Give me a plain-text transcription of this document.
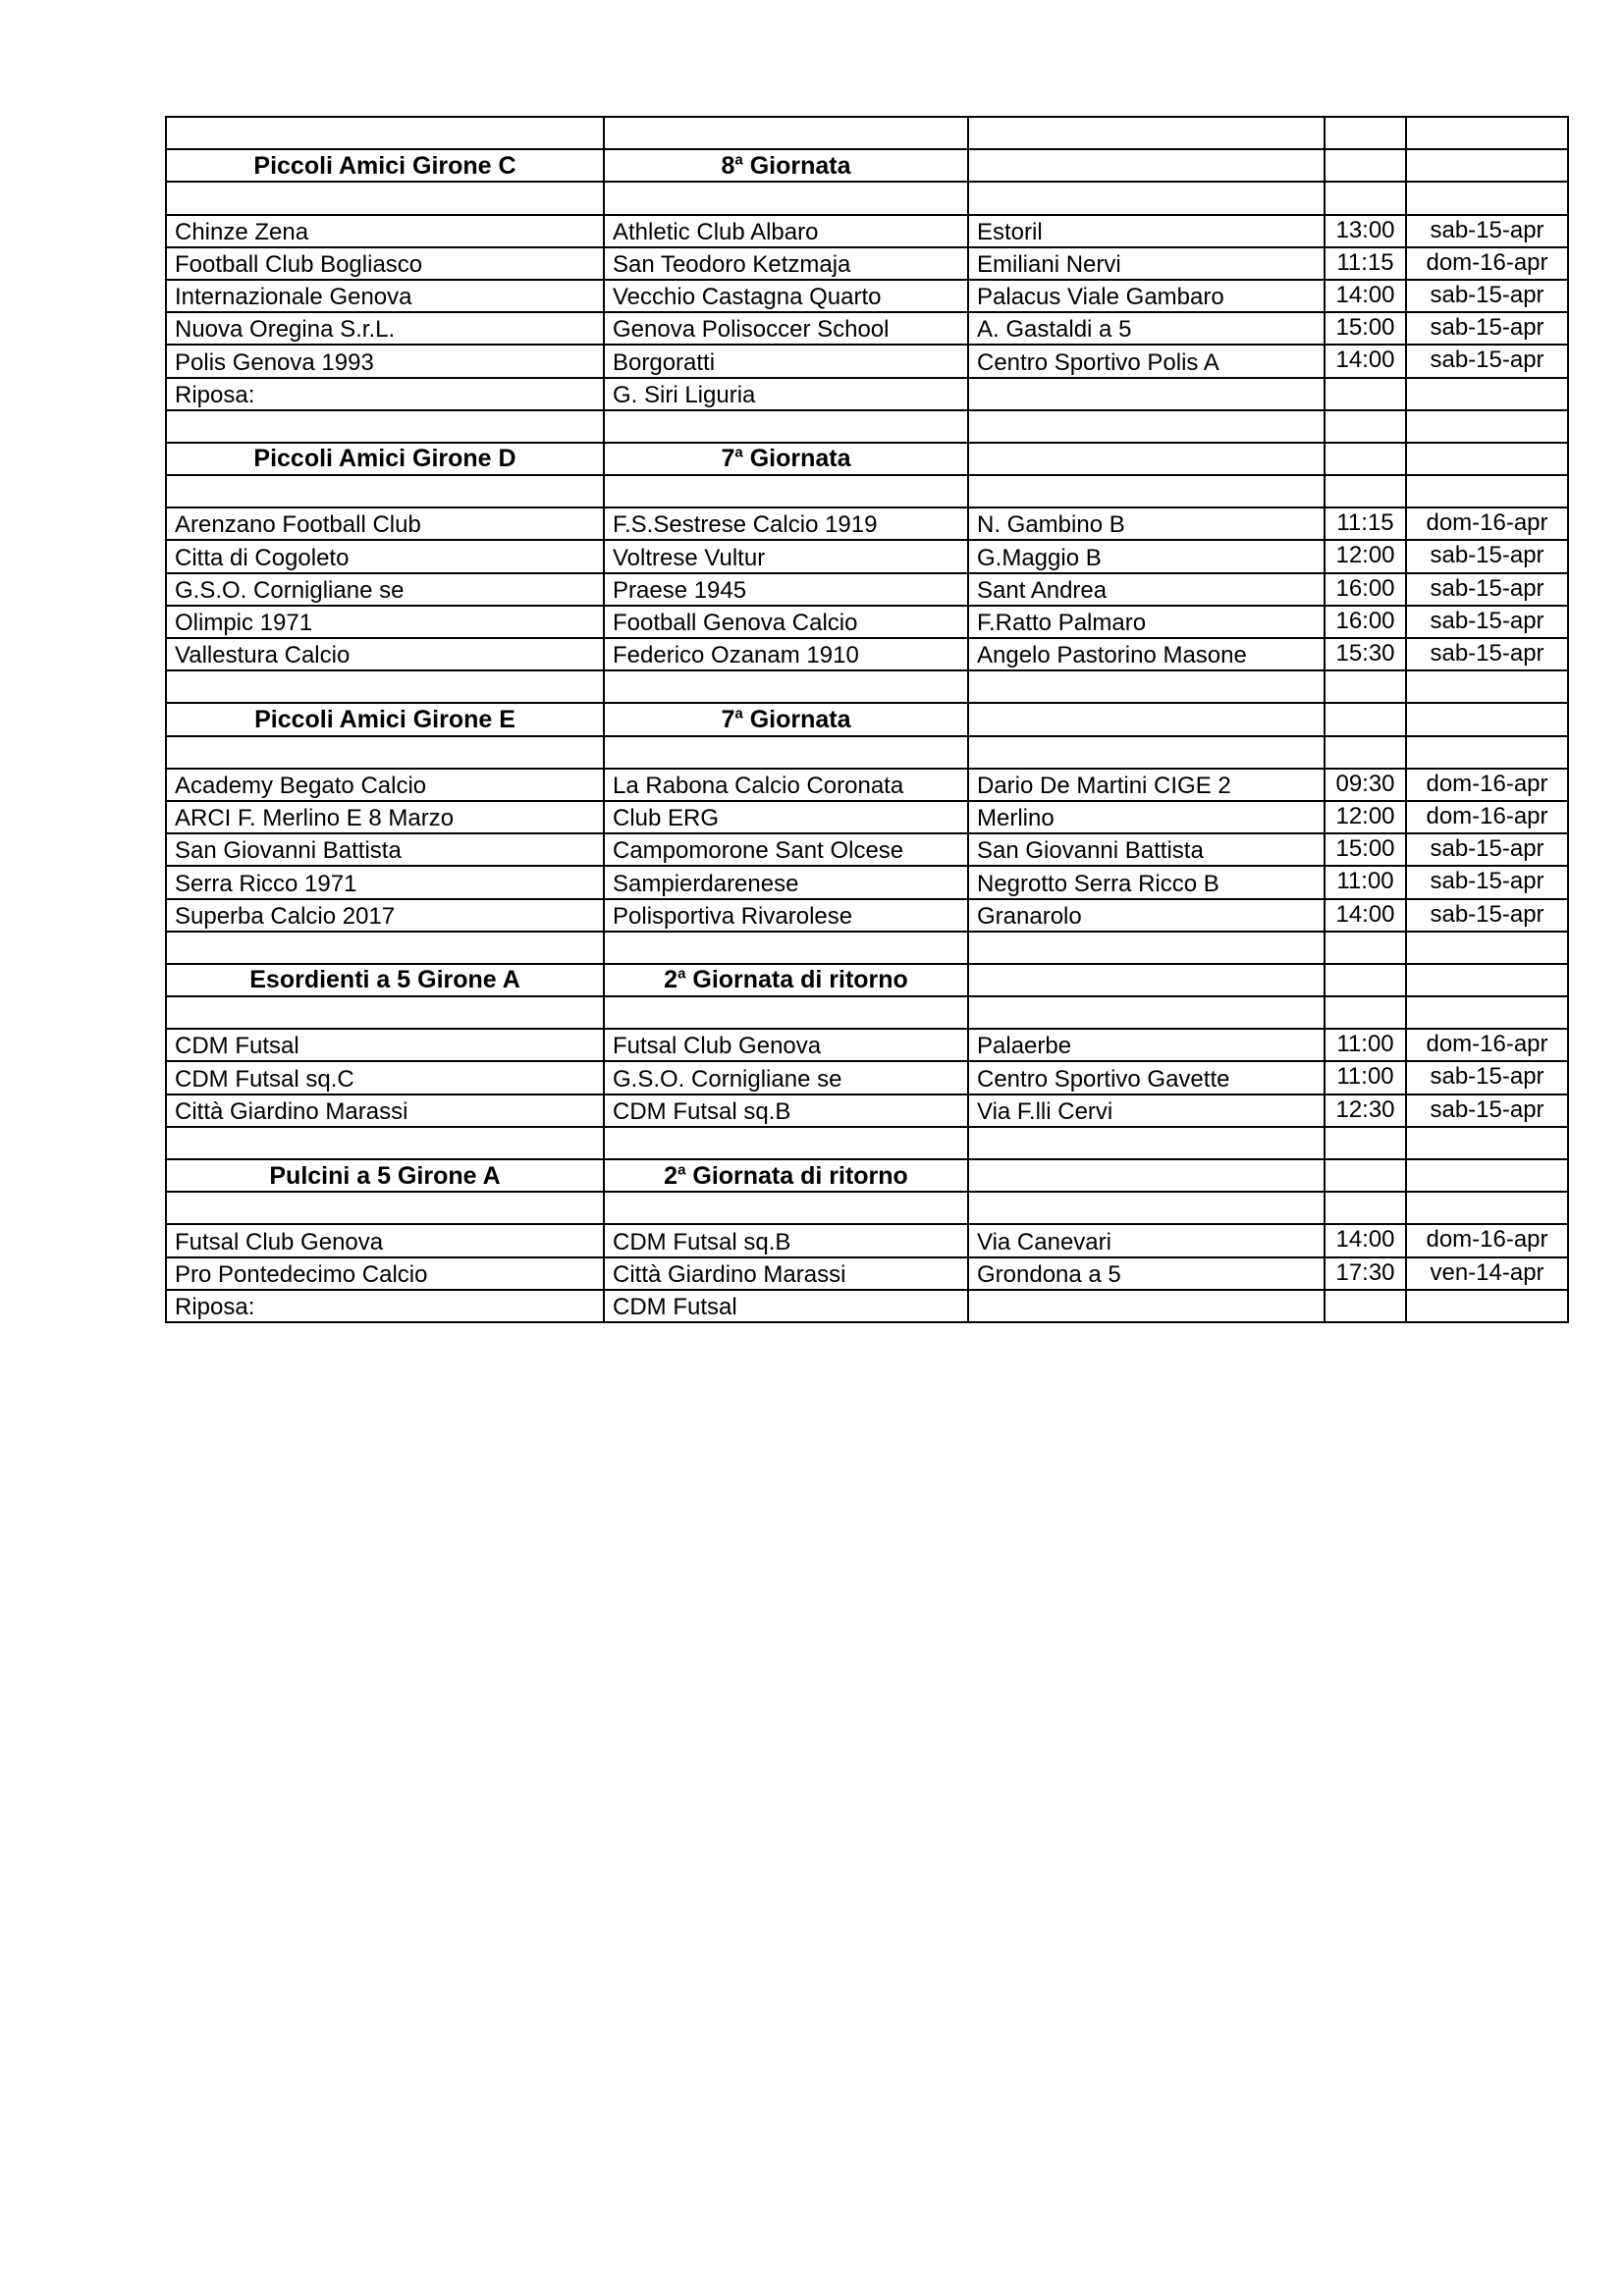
Piccoli Amici Girone C	8$^a$ Giornata			

Chinze Zena	Athletic Club Albaro	Estoril	13:00	sab-15-apr
Football Club Bogliasco	San Teodoro Ketzmaja	Emiliani Nervi	11:15	dom-16-apr
Internazionale Genova	Vecchio Castagna Quarto	Palacus Viale Gambaro	14:00	sab-15-apr
Nuova Oregina S.r.L.	Genova Polisoccer School	A. Gastaldi a 5	15:00	sab-15-apr
Polis Genova 1993	Borgoratti	Centro Sportivo Polis A	14:00	sab-15-apr
Riposa:	G. Siri Liguria			

Piccoli Amici Girone D	7$^a$ Giornata			

Arenzano Football Club	F.S.Sestrese Calcio 1919	N. Gambino B	11:15	dom-16-apr
Citta di Cogoleto	Voltrese Vultur	G.Maggio B	12:00	sab-15-apr
G.S.O. Cornigliane se	Praese 1945	Sant Andrea	16:00	sab-15-apr
Olimpic 1971	Football Genova Calcio	F.Ratto Palmaro	16:00	sab-15-apr
Vallestura Calcio	Federico Ozanam 1910	Angelo Pastorino Masone	15:30	sab-15-apr

Piccoli Amici Girone E	7$^a$ Giornata			

Academy Begato Calcio	La Rabona Calcio Coronata	Dario De Martini CIGE 2	09:30	dom-16-apr
ARCI F. Merlino E 8 Marzo	Club ERG	Merlino	12:00	dom-16-apr
San Giovanni Battista	Campomorone Sant Olcese	San Giovanni Battista	15:00	sab-15-apr
Serra Ricco 1971	Sampierdarenese	Negrotto Serra Ricco B	11:00	sab-15-apr
Superba Calcio 2017	Polisportiva Rivarolese	Granarolo	14:00	sab-15-apr

Esordienti a 5 Girone A	2$^a$ Giornata di ritorno			

CDM Futsal	Futsal Club Genova	Palaerbe	11:00	dom-16-apr
CDM Futsal sq.C	G.S.O. Cornigliane se	Centro Sportivo Gavette	11:00	sab-15-apr
Città Giardino Marassi	CDM Futsal sq.B	Via F.lli Cervi	12:30	sab-15-apr

Pulcini a 5 Girone A	2$^a$ Giornata di ritorno			

Futsal Club Genova	CDM Futsal sq.B	Via Canevari	14:00	dom-16-apr
Pro Pontedecimo Calcio	Città Giardino Marassi	Grondona a 5	17:30	ven-14-apr
Riposa:	CDM Futsal			
